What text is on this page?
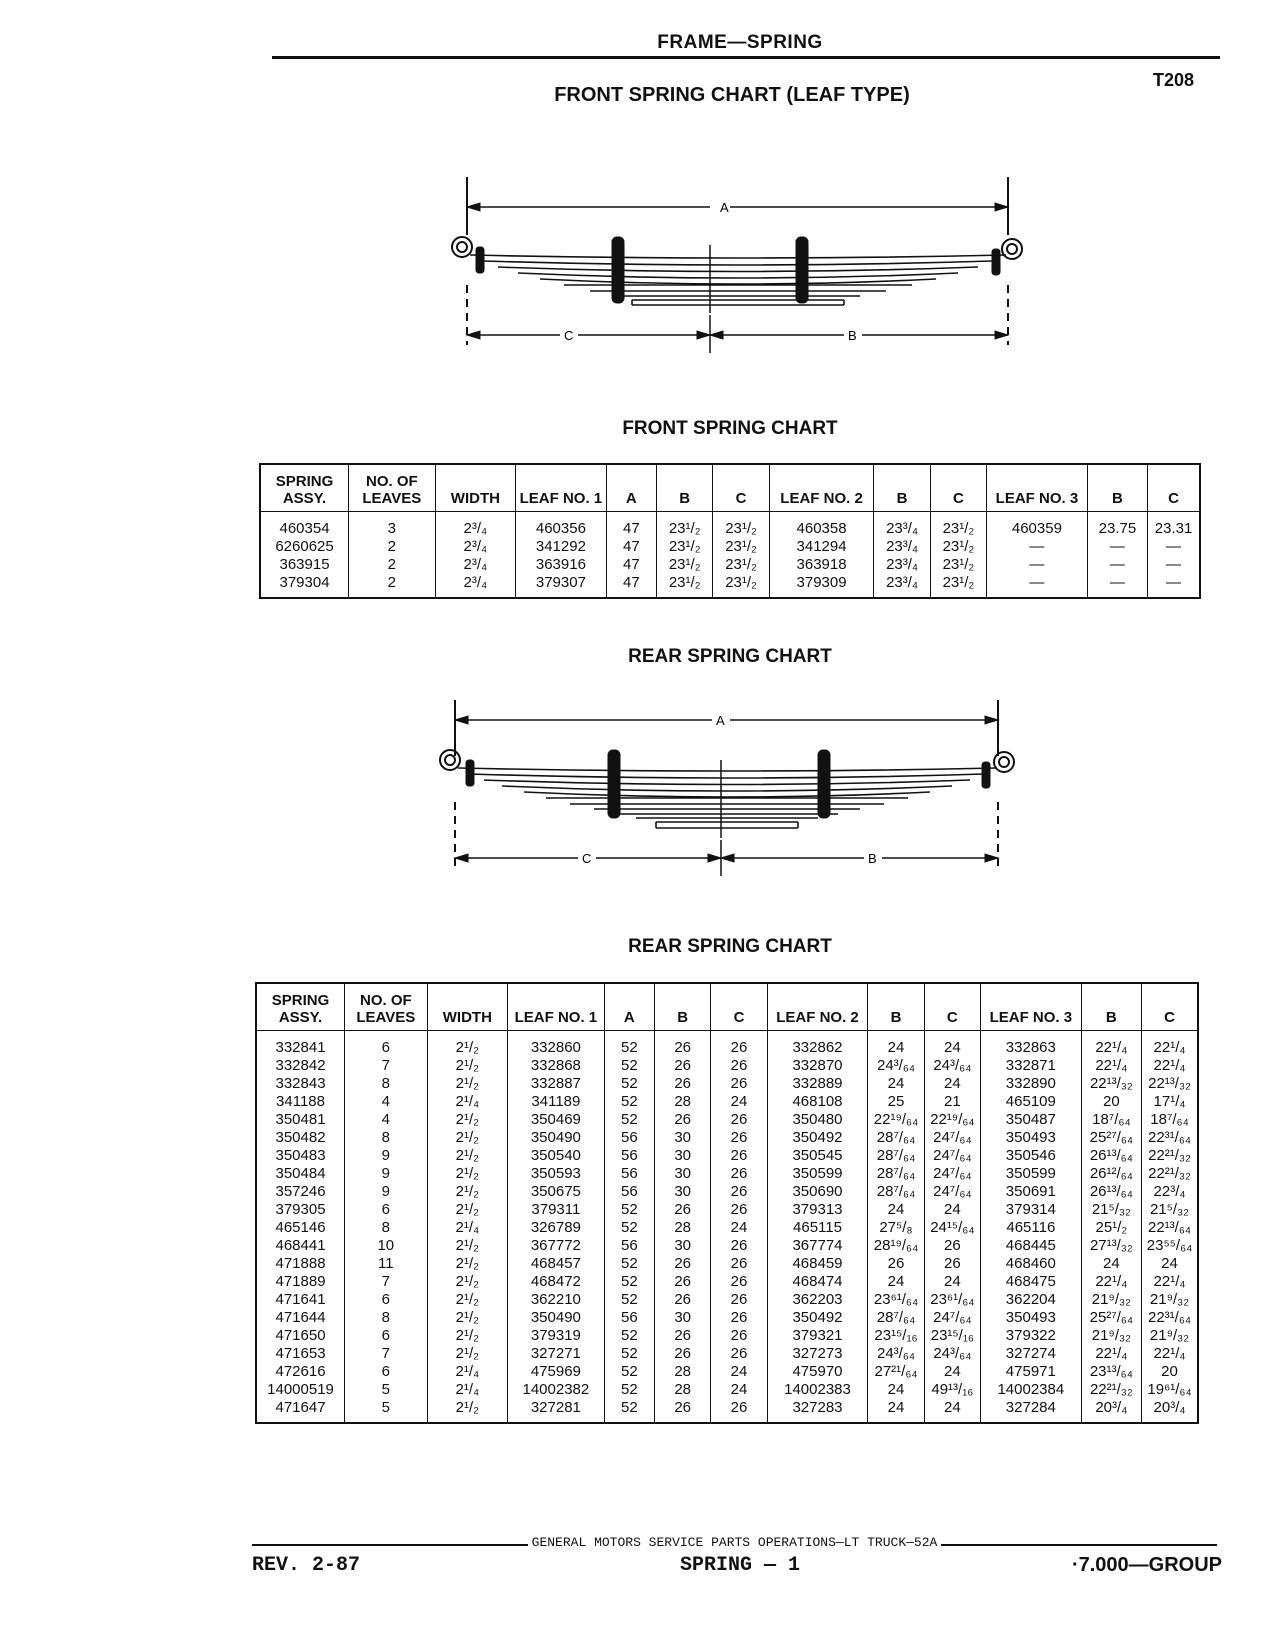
FRAME—SPRING
T208
FRONT SPRING CHART (LEAF TYPE)
A
C	B
FRONT SPRING CHART
SPRING ASSY.	NO. OF LEAVES	WIDTH	LEAF NO. 1	A	B	C	LEAF NO. 2	B	C	LEAF NO. 3	B	C
460354	3	2³/₄	460356	47	23¹/₂	23¹/₂	460358	23³/₄	23¹/₂	460359	23.75	23.31
6260625	2	2³/₄	341292	47	23¹/₂	23¹/₂	341294	23³/₄	23¹/₂	—	—	—
363915	2	2³/₄	363916	47	23¹/₂	23¹/₂	363918	23³/₄	23¹/₂	—	—	—
379304	2	2³/₄	379307	47	23¹/₂	23¹/₂	379309	23³/₄	23¹/₂	—	—	—
REAR SPRING CHART
A
C	B
REAR SPRING CHART
SPRING ASSY.	NO. OF LEAVES	WIDTH	LEAF NO. 1	A	B	C	LEAF NO. 2	B	C	LEAF NO. 3	B	C
332841	6	2¹/₂	332860	52	26	26	332862	24	24	332863	22¹/₄	22¹/₄
332842	7	2¹/₂	332868	52	26	26	332870	24³/₆₄	24³/₆₄	332871	22¹/₄	22¹/₄
332843	8	2¹/₂	332887	52	26	26	332889	24	24	332890	22¹³/₃₂	22¹³/₃₂
341188	4	2¹/₄	341189	52	28	24	468108	25	21	465109	20	17¹/₄
350481	4	2¹/₂	350469	52	26	26	350480	22¹⁹/₆₄	22¹⁹/₆₄	350487	18⁷/₆₄	18⁷/₆₄
350482	8	2¹/₂	350490	56	30	26	350492	28⁷/₆₄	24⁷/₆₄	350493	25²⁷/₆₄	22³¹/₆₄
350483	9	2¹/₂	350540	56	30	26	350545	28⁷/₆₄	24⁷/₆₄	350546	26¹³/₆₄	22²¹/₃₂
350484	9	2¹/₂	350593	56	30	26	350599	28⁷/₆₄	24⁷/₆₄	350599	26¹²/₆₄	22²¹/₃₂
357246	9	2¹/₂	350675	56	30	26	350690	28⁷/₆₄	24⁷/₆₄	350691	26¹³/₆₄	22³/₄
379305	6	2¹/₂	379311	52	26	26	379313	24	24	379314	21⁵/₃₂	21⁵/₃₂
465146	8	2¹/₄	326789	52	28	24	465115	27⁵/₈	24¹⁵/₆₄	465116	25¹/₂	22¹³/₆₄
468441	10	2¹/₂	367772	56	30	26	367774	28¹⁹/₆₄	26	468445	27¹³/₃₂	23⁵⁵/₆₄
471888	11	2¹/₂	468457	52	26	26	468459	26	26	468460	24	24
471889	7	2¹/₂	468472	52	26	26	468474	24	24	468475	22¹/₄	22¹/₄
471641	6	2¹/₂	362210	52	26	26	362203	23⁶¹/₆₄	23⁶¹/₆₄	362204	21⁹/₃₂	21⁹/₃₂
471644	8	2¹/₂	350490	56	30	26	350492	28⁷/₆₄	24⁷/₆₄	350493	25²⁷/₆₄	22³¹/₆₄
471650	6	2¹/₂	379319	52	26	26	379321	23¹⁵/₁₆	23¹⁵/₁₆	379322	21⁹/₃₂	21⁹/₃₂
471653	7	2¹/₂	327271	52	26	26	327273	24³/₆₄	24³/₆₄	327274	22¹/₄	22¹/₄
472616	6	2¹/₄	475969	52	28	24	475970	27²¹/₆₄	24	475971	23¹³/₆₄	20
14000519	5	2¹/₄	14002382	52	28	24	14002383	24	49¹³/₁₆	14002384	22²¹/₃₂	19⁶¹/₆₄
471647	5	2¹/₂	327281	52	26	26	327283	24	24	327284	20³/₄	20³/₄
GENERAL MOTORS SERVICE PARTS OPERATIONS—LT TRUCK—52A
REV. 2-87	SPRING — 1	·7.000—GROUP
